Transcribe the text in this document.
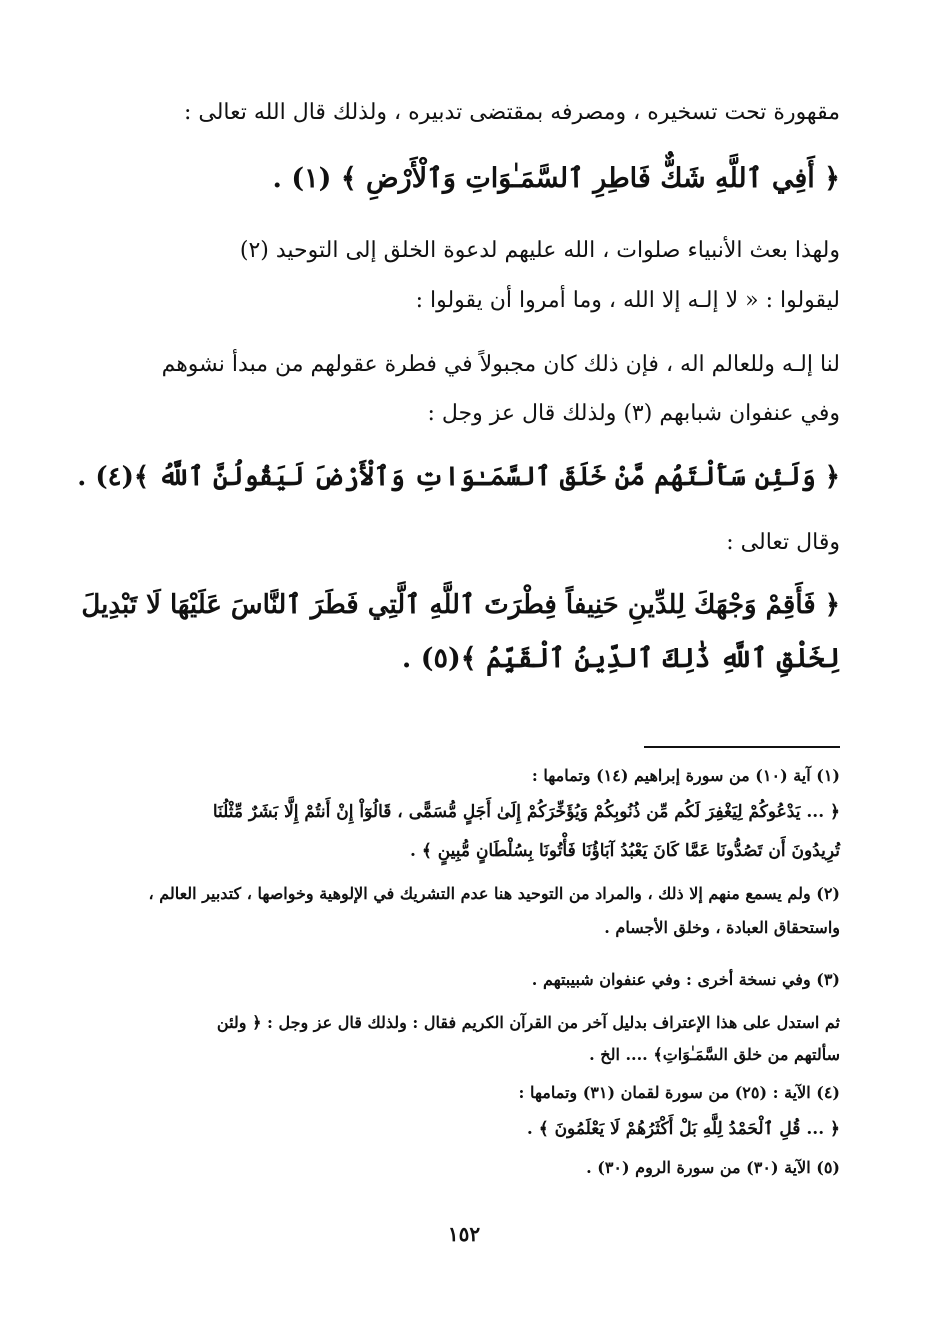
مقهورة تحت تسخيره ، ومصرفه بمقتضى تدبيره ، ولذلك قال الله تعالى :
﴿ أَفِي ٱللَّهِ شَكٌّ فَاطِرِ ٱلسَّمَـٰوَاتِ وَٱلْأَرْضِ ﴾ (١) .
ولهذا بعث الأنبياء صلوات ، الله عليهم لدعوة الخلق إلى التوحيد (٢)
ليقولوا : « لا إلـه إلا الله ، وما أمروا أن يقولوا :
لنا إلـه وللعالم اله ، فإن ذلك كان مجبولاً في فطرة عقولهم من مبدأ نشوهم
وفي عنفوان شبابهم (٣) ولذلك قال عز وجل :
﴿ وَلَئِن سَأَلْتَهُم مَّنْ خَلَقَ ٱلسَّمَـٰوَاتِ وَٱلْأَرْضَ لَيَقُولُنَّ ٱللَّهُ ﴾(٤) .
وقال تعالى :
﴿ فَأَقِمْ وَجْهَكَ لِلدِّينِ حَنِيفاً فِطْرَتَ ٱللَّهِ ٱلَّتِي فَطَرَ ٱلنَّاسَ عَلَيْهَا لَا تَبْدِيلَ
لِخَلْقِ ٱللَّهِ ذَٰلِكَ ٱلدِّينُ ٱلْقَيِّمُ ﴾(٥) .
(١) آية (١٠) من سورة إبراهيم (١٤) وتمامها :
﴿ ... يَدْعُوكُمْ لِيَغْفِرَ لَكُم مِّن ذُنُوبِكُمْ وَيُؤَخِّرَكُمْ إِلَىٰ أَجَلٍ مُّسَمًّى ، قَالُوٓاْ إِنْ أَنتُمْ إِلَّا بَشَرٌ مِّثْلُنَا
تُرِيدُونَ أَن تَصُدُّونَا عَمَّا كَانَ يَعْبُدُ آبَاؤُنَا فَأْتُونَا بِسُلْطَانٍ مُّبِينٍ ﴾ .
(٢) ولم يسمع منهم إلا ذلك ، والمراد من التوحيد هنا عدم التشريك في الإلوهية وخواصها ، كتدبير العالم ،
واستحقاق العبادة ، وخلق الأجسام .
(٣) وفي نسخة أخرى : وفي عنفوان شبيبتهم .
ثم استدل على هذا الإعتراف بدليل آخر من القرآن الكريم فقال : ولذلك قال عز وجل : ﴿ ولئن
سألتهم من خلق السَّمَـٰوَاتِ﴾ .... الخ .
(٤) الآية : (٢٥) من سورة لقمان (٣١) وتمامها :
﴿ ... قُلِ ٱلْحَمْدُ لِلَّهِ بَلْ أَكْثَرُهُمْ لَا يَعْلَمُونَ ﴾ .
(٥) الآية (٣٠) من سورة الروم (٣٠) .
١٥٢
